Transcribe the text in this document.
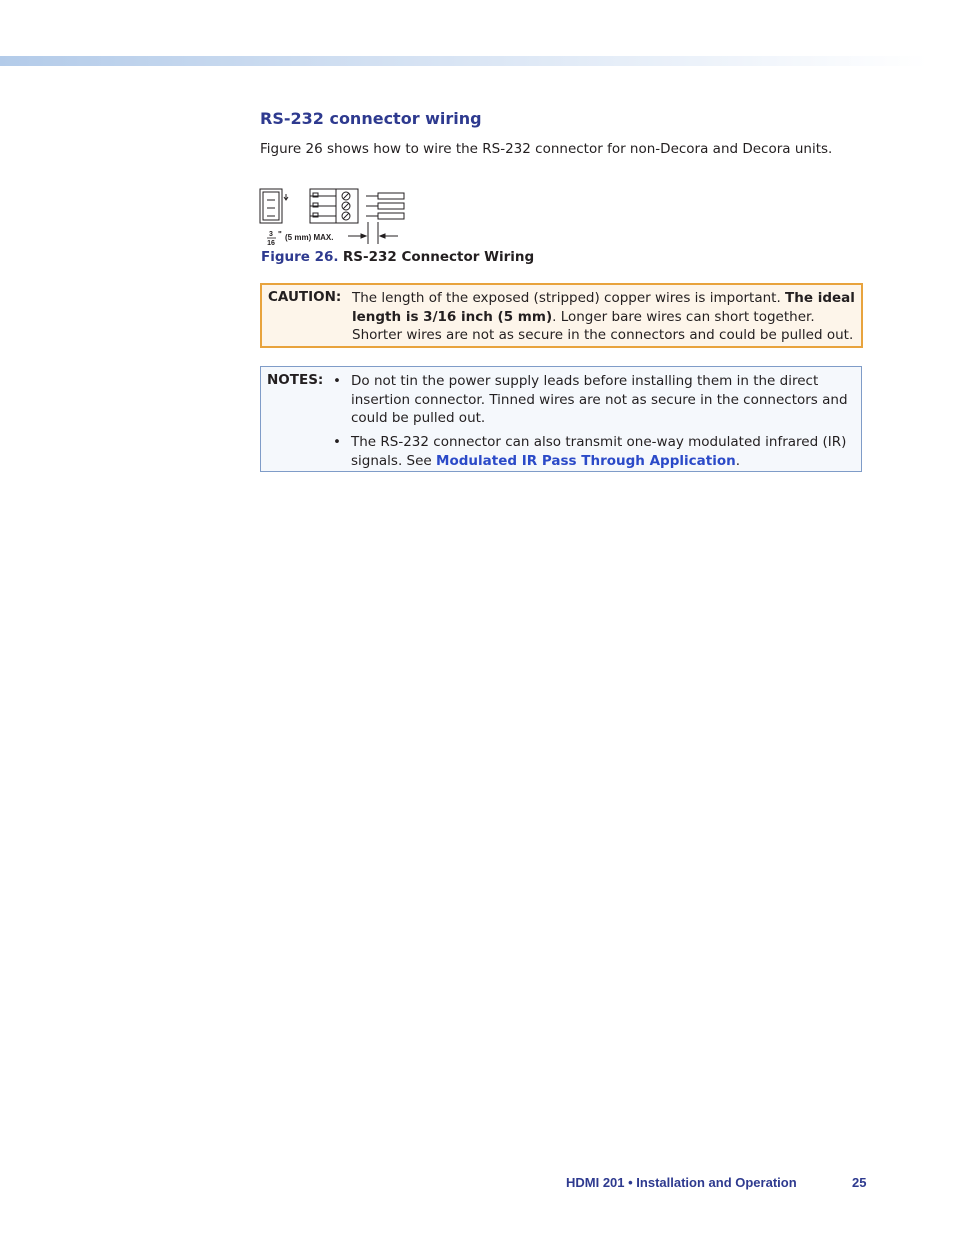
RS-232 connector wiring
Figure 26 shows how to wire the RS-232 connector for non-Decora and Decora units.
3
16
" (5 mm) MAX.
Figure 26. RS-232 Connector Wiring
CAUTION: The length of the exposed (stripped) copper wires is important. The ideal length is 3/16 inch (5 mm). Longer bare wires can short together. Shorter wires are not as secure in the connectors and could be pulled out.
NOTES: • Do not tin the power supply leads before installing them in the direct insertion connector. Tinned wires are not as secure in the connectors and could be pulled out.
• The RS-232 connector can also transmit one-way modulated infrared (IR) signals. See Modulated IR Pass Through Application.
HDMI 201 • Installation and Operation	25
